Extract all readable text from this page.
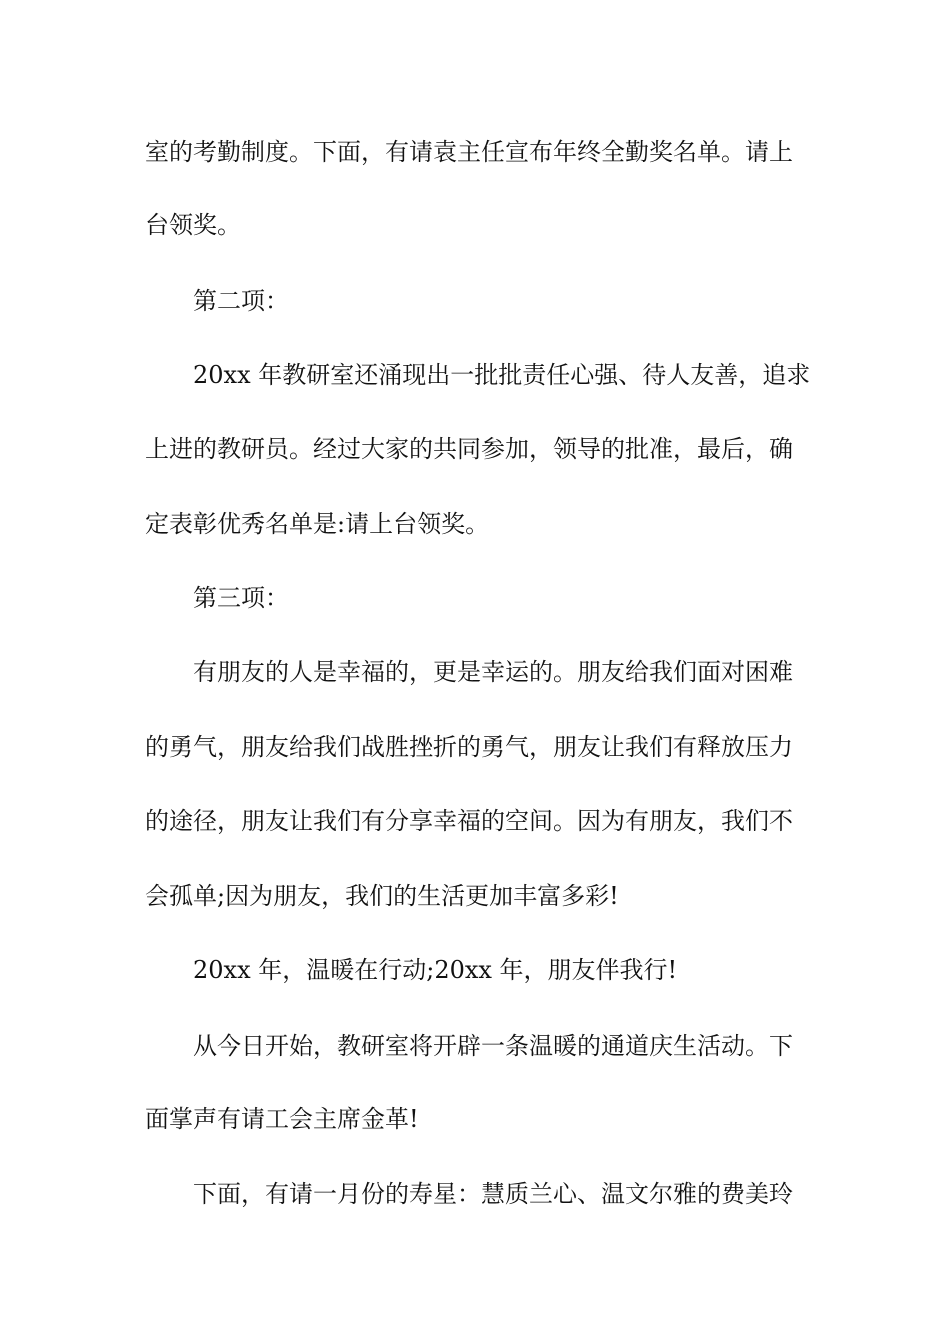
室的考勤制度。下面，有请袁主任宣布年终全勤奖名单。请上

台领奖。

第二项：

20xx 年教研室还涌现出一批批责任心强、待人友善，追求

上进的教研员。经过大家的共同参加，领导的批准，最后，确

定表彰优秀名单是:请上台领奖。

第三项：

有朋友的人是幸福的，更是幸运的。朋友给我们面对困难

的勇气，朋友给我们战胜挫折的勇气，朋友让我们有释放压力

的途径，朋友让我们有分享幸福的空间。因为有朋友，我们不

会孤单;因为朋友，我们的生活更加丰富多彩!

20xx 年，温暖在行动;20xx 年，朋友伴我行!

从今日开始，教研室将开辟一条温暖的通道庆生活动。下

面掌声有请工会主席金革!

下面，有请一月份的寿星：慧质兰心、温文尔雅的费美玲
